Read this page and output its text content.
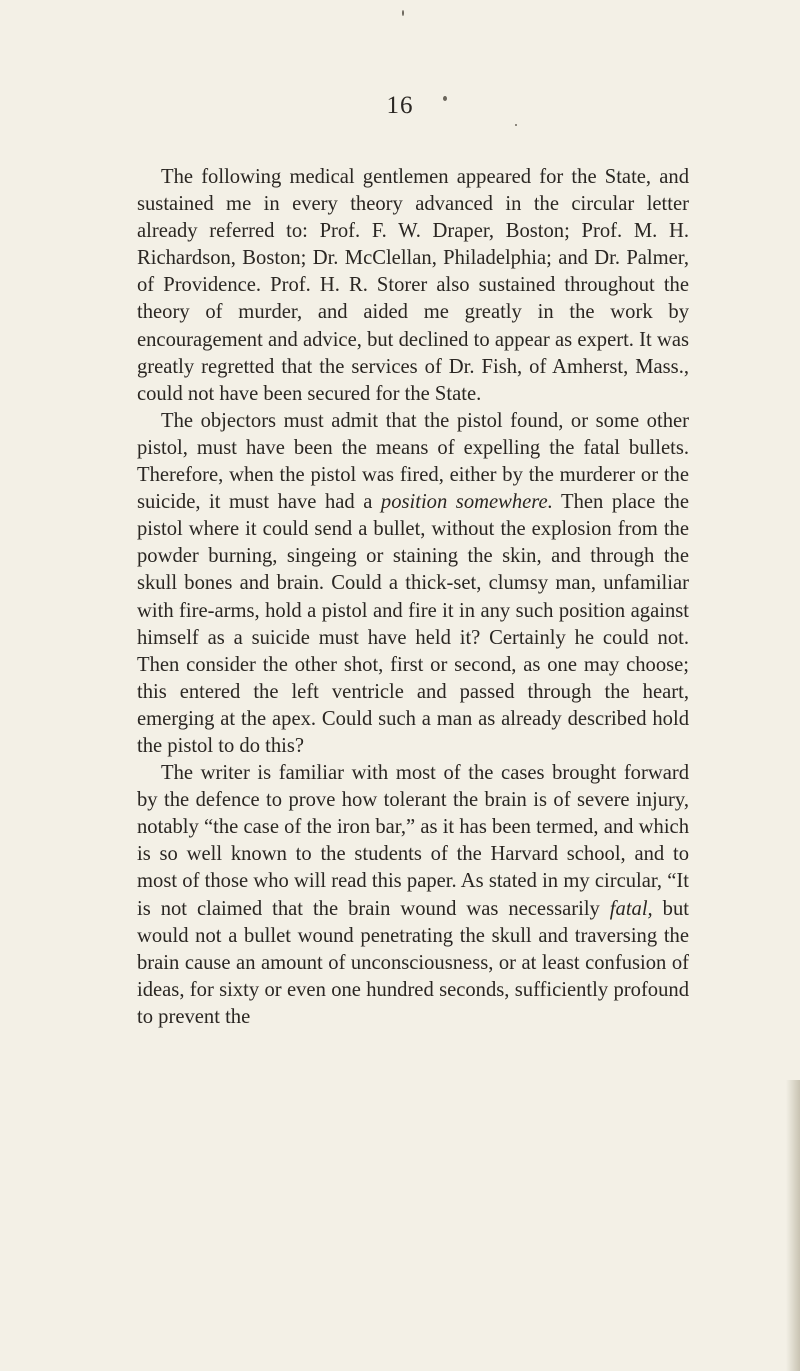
16

The following medical gentlemen appeared for the State, and sustained me in every theory advanced in the circular letter already referred to: Prof. F. W. Draper, Boston; Prof. M. H. Richardson, Boston; Dr. McClellan, Philadelphia; and Dr. Palmer, of Providence. Prof. H. R. Storer also sustained throughout the theory of murder, and aided me greatly in the work by encouragement and advice, but declined to appear as expert. It was greatly regretted that the services of Dr. Fish, of Amherst, Mass., could not have been secured for the State.

The objectors must admit that the pistol found, or some other pistol, must have been the means of expelling the fatal bullets. Therefore, when the pistol was fired, either by the murderer or the suicide, it must have had a position somewhere. Then place the pistol where it could send a bullet, without the explosion from the powder burning, singeing or staining the skin, and through the skull bones and brain. Could a thick-set, clumsy man, unfamiliar with fire-arms, hold a pistol and fire it in any such position against himself as a suicide must have held it? Certainly he could not. Then consider the other shot, first or second, as one may choose; this entered the left ventricle and passed through the heart, emerging at the apex. Could such a man as already described hold the pistol to do this?

The writer is familiar with most of the cases brought forward by the defence to prove how tolerant the brain is of severe injury, notably “the case of the iron bar,” as it has been termed, and which is so well known to the students of the Harvard school, and to most of those who will read this paper. As stated in my circular, “It is not claimed that the brain wound was necessarily fatal, but would not a bullet wound penetrating the skull and traversing the brain cause an amount of unconsciousness, or at least confusion of ideas, for sixty or even one hundred seconds, sufficiently profound to prevent the
